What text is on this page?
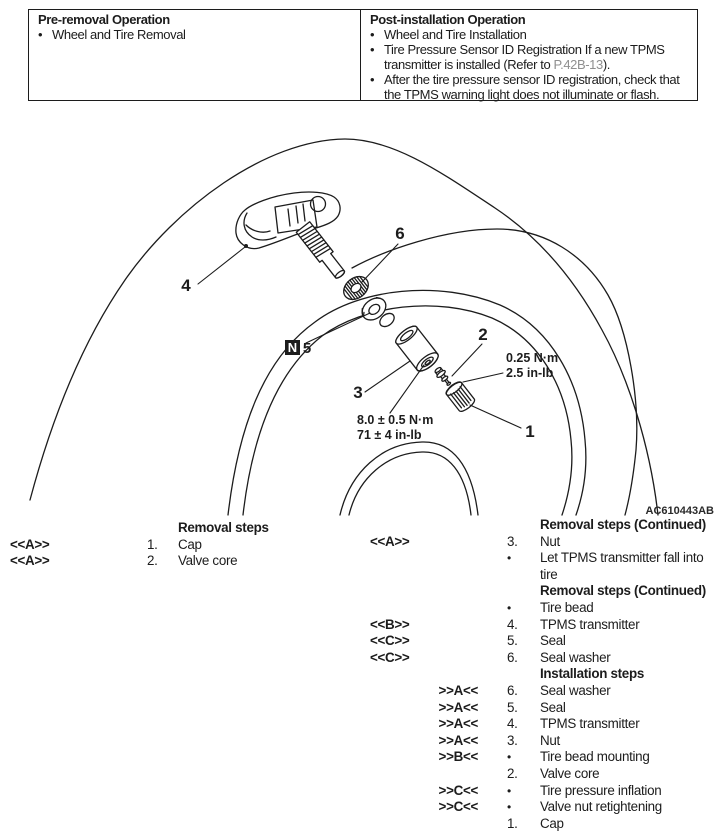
Pre-removal Operation
• Wheel and Tire Removal
Post-installation Operation
• Wheel and Tire Installation
• Tire Pressure Sensor ID Registration If a new TPMS
transmitter is installed (Refer to P.42B-13).
• After the tire pressure sensor ID registration, check that
the TPMS warning light does not illuminate or flash.
4
6
3
2
1
N 5
0.25 N·m
2.5 in-lb
8.0 ± 0.5 N·m
71 ± 4 in-lb
AC610443AB
Removal steps
<<A>>	1.	Cap
<<A>>	2.	Valve core
Removal steps (Continued)
<<A>>	3.	Nut
•	Let TPMS transmitter fall into
tire
Removal steps (Continued)
•	Tire bead
<<B>>	4.	TPMS transmitter
<<C>>	5.	Seal
<<C>>	6.	Seal washer
Installation steps
>>A<<	6.	Seal washer
>>A<<	5.	Seal
>>A<<	4.	TPMS transmitter
>>A<<	3.	Nut
>>B<<	•	Tire bead mounting
2.	Valve core
>>C<<	•	Tire pressure inflation
>>C<<	•	Valve nut retightening
1.	Cap
